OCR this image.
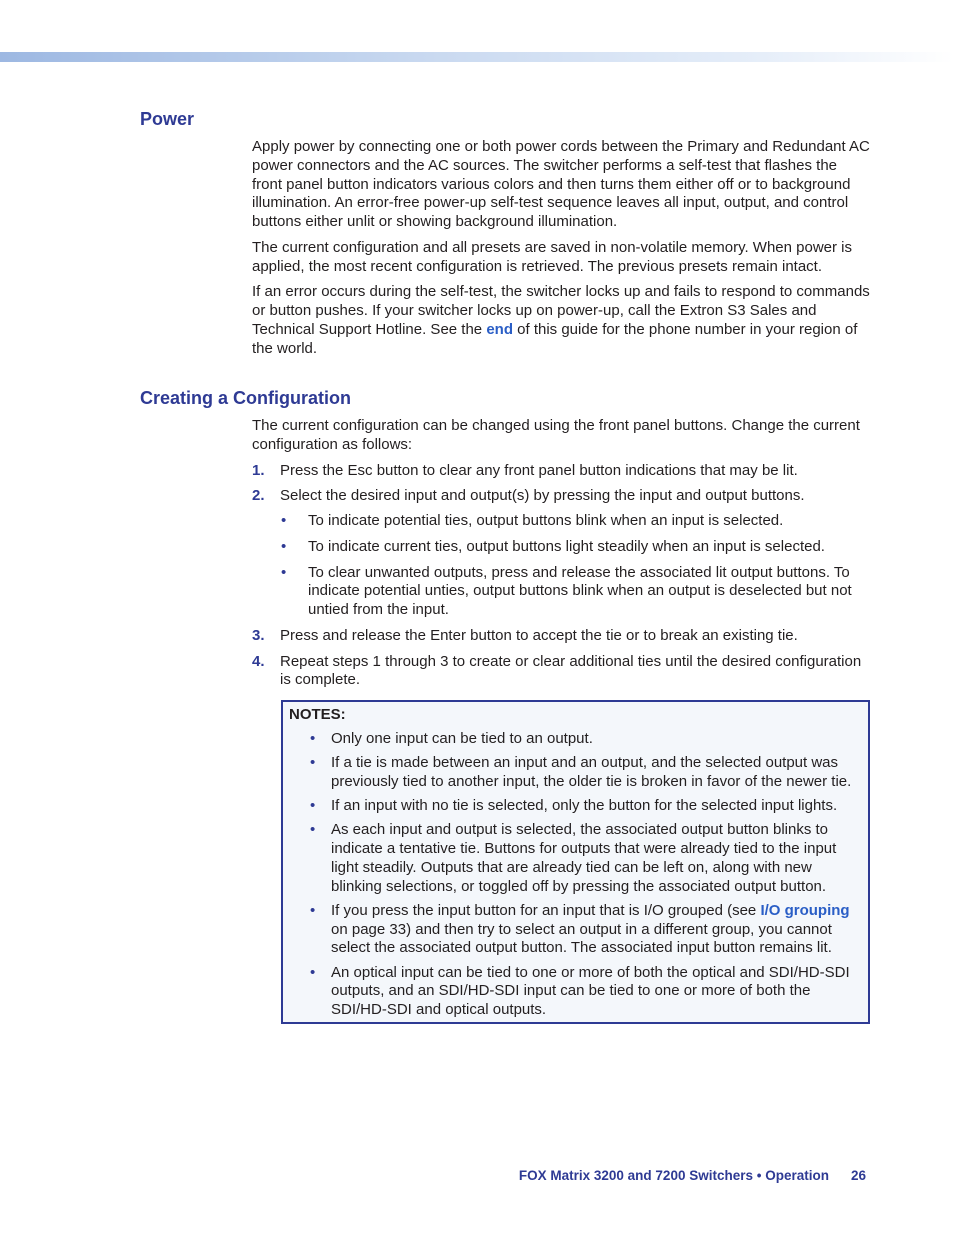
Power

Apply power by connecting one or both power cords between the Primary and Redundant AC power connectors and the AC sources. The switcher performs a self-test that flashes the front panel button indicators various colors and then turns them either off or to background illumination. An error-free power-up self-test sequence leaves all input, output, and control buttons either unlit or showing background illumination.

The current configuration and all presets are saved in non-volatile memory. When power is applied, the most recent configuration is retrieved. The previous presets remain intact.

If an error occurs during the self-test, the switcher locks up and fails to respond to commands or button pushes. If your switcher locks up on power-up, call the Extron S3 Sales and Technical Support Hotline. See the end of this guide for the phone number in your region of the world.

Creating a Configuration

The current configuration can be changed using the front panel buttons. Change the current configuration as follows:

1. Press the Esc button to clear any front panel button indications that may be lit.
2. Select the desired input and output(s) by pressing the input and output buttons.
• To indicate potential ties, output buttons blink when an input is selected.
• To indicate current ties, output buttons light steadily when an input is selected.
• To clear unwanted outputs, press and release the associated lit output buttons. To indicate potential unties, output buttons blink when an output is deselected but not untied from the input.
3. Press and release the Enter button to accept the tie or to break an existing tie.
4. Repeat steps 1 through 3 to create or clear additional ties until the desired configuration is complete.
NOTES:
• Only one input can be tied to an output.
• If a tie is made between an input and an output, and the selected output was previously tied to another input, the older tie is broken in favor of the newer tie.
• If an input with no tie is selected, only the button for the selected input lights.
• As each input and output is selected, the associated output button blinks to indicate a tentative tie. Buttons for outputs that were already tied to the input light steadily. Outputs that are already tied can be left on, along with new blinking selections, or toggled off by pressing the associated output button.
• If you press the input button for an input that is I/O grouped (see I/O grouping on page 33) and then try to select an output in a different group, you cannot select the associated output button. The associated input button remains lit.
• An optical input can be tied to one or more of both the optical and SDI/HD-SDI outputs, and an SDI/HD-SDI input can be tied to one or more of both the SDI/HD-SDI and optical outputs.
FOX Matrix 3200 and 7200 Switchers • Operation 26
